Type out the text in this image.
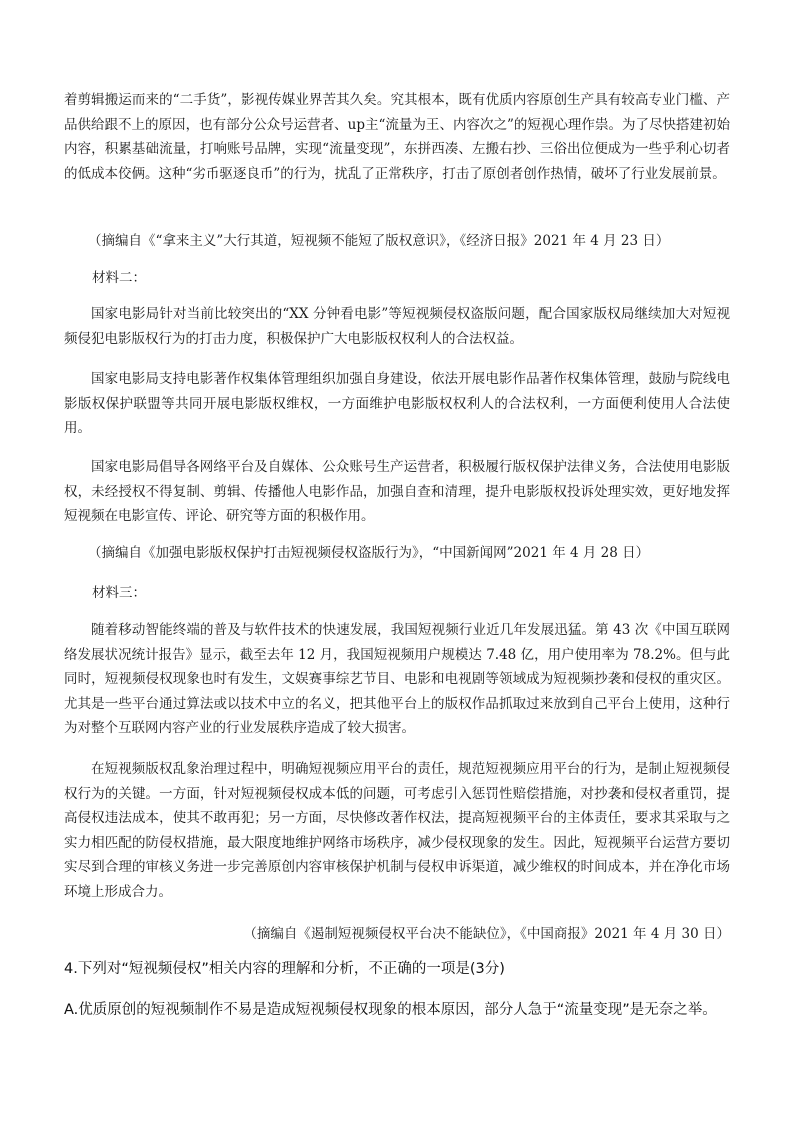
着剪辑搬运而来的“二手货”，影视传媒业界苦其久矣。究其根本，既有优质内容原创生产具有较高专业门槛、产品供给跟不上的原因，也有部分公众号运营者、up主“流量为王、内容次之”的短视心理作祟。为了尽快搭建初始内容，积累基础流量，打响账号品牌，实现“流量变现”，东拼西凑、左搬右抄、三俗出位便成为一些乎利心切者的低成本佼俩。这种“劣币驱逐良币”的行为，扰乱了正常秩序，打击了原创者创作热情，破坏了行业发展前景。

（摘编自《“拿来主义”大行其道，短视频不能短了版权意识》，《经济日报》2021 年 4 月 23 日）

材料二：

国家电影局针对当前比较突出的“XX 分钟看电影”等短视频侵权盗版问题，配合国家版权局继续加大对短视频侵犯电影版权行为的打击力度，积极保护广大电影版权权利人的合法权益。

国家电影局支持电影著作权集体管理组织加强自身建设，依法开展电影作品著作权集体管理，鼓励与院线电影版权保护联盟等共同开展电影版权维权，一方面维护电影版权权利人的合法权利，一方面便利使用人合法使用。

国家电影局倡导各网络平台及自媒体、公众账号生产运营者，积极履行版权保护法律义务，合法使用电影版权，未经授权不得复制、剪辑、传播他人电影作品，加强自查和清理，提升电影版权投诉处理实效，更好地发挥短视频在电影宣传、评论、研究等方面的积极作用。

（摘编自《加强电影版权保护打击短视频侵权盗版行为》，“中国新闻网”2021 年 4 月 28 日）

材料三：

随着移动智能终端的普及与软件技术的快速发展，我国短视频行业近几年发展迅猛。第 43 次《中国互联网络发展状况统计报告》显示，截至去年 12 月，我国短视频用户规模达 7.48 亿，用户使用率为 78.2%。但与此同时，短视频侵权现象也时有发生，文娱赛事综艺节目、电影和电视剧等领域成为短视频抄袭和侵权的重灾区。尤其是一些平台通过算法或以技术中立的名义，把其他平台上的版权作品抓取过来放到自己平台上使用，这种行为对整个互联网内容产业的行业发展秩序造成了较大损害。

在短视频版权乱象治理过程中，明确短视频应用平台的责任，规范短视频应用平台的行为，是制止短视频侵权行为的关键。一方面，针对短视频侵权成本低的问题，可考虑引入惩罚性赔偿措施，对抄袭和侵权者重罚，提高侵权违法成本，使其不敢再犯；另一方面，尽快修改著作权法，提高短视频平台的主体责任，要求其采取与之实力相匹配的防侵权措施，最大限度地维护网络市场秩序，减少侵权现象的发生。因此，短视频平台运营方要切实尽到合理的审核义务进一步完善原创内容审核保护机制与侵权申诉渠道，减少维权的时间成本，并在净化市场环境上形成合力。

（摘编自《遏制短视频侵权平台决不能缺位》，《中国商报》2021 年 4 月 30 日）

4.下列对“短视频侵权”相关内容的理解和分析，不正确的一项是(3分)

A.优质原创的短视频制作不易是造成短视频侵权现象的根本原因，部分人急于“流量变现”是无奈之举。
